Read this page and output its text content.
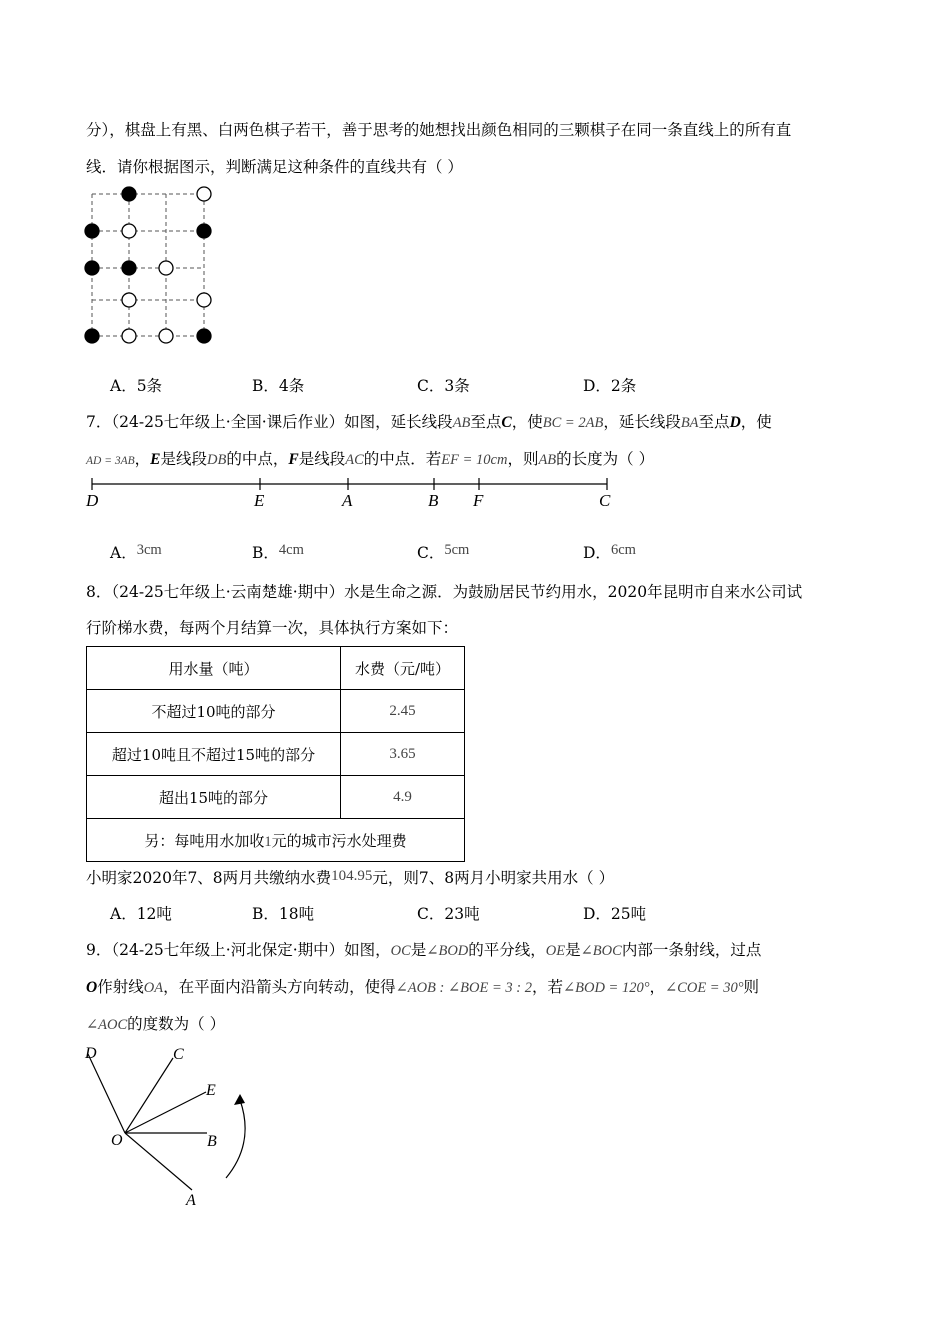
分），棋盘上有黑、白两色棋子若干，善于思考的她想找出颜色相同的三颗棋子在同一条直线上的所有直
线．请你根据图示，判断满足这种条件的直线共有（ ）
A．5条	B．4条	C．3条	D．2条
7．（24-25七年级上·全国·课后作业）如图，延长线段AB至点C，使BC = 2AB，延长线段BA至点D，使
AD = 3AB，E是线段DB的中点，F是线段AC的中点．若EF = 10cm，则AB的长度为（ ）
D	E	A	B F	C
A．3cm	B．4cm	C．5cm	D．6cm
8．（24-25七年级上·云南楚雄·期中）水是生命之源．为鼓励居民节约用水，2020年昆明市自来水公司试
行阶梯水费，每两个月结算一次，具体执行方案如下：
用水量（吨）	水费（元/吨）
不超过10吨的部分	2.45
超过10吨且不超过15吨的部分	3.65
超出15吨的部分	4.9
另：每吨用水加收1元的城市污水处理费	
小明家2020年7、8两月共缴纳水费104.95元，则7、8两月小明家共用水（ ）
A．12吨	B．18吨	C．23吨	D．25吨
9．（24-25七年级上·河北保定·期中）如图，OC是∠BOD的平分线，OE是∠BOC内部一条射线，过点
O作射线OA，在平面内沿箭头方向转动，使得∠AOB : ∠BOE = 3 : 2，若∠BOD = 120°，∠COE = 30°则
∠AOC的度数为（ ）
D	C
E
O	B
A
